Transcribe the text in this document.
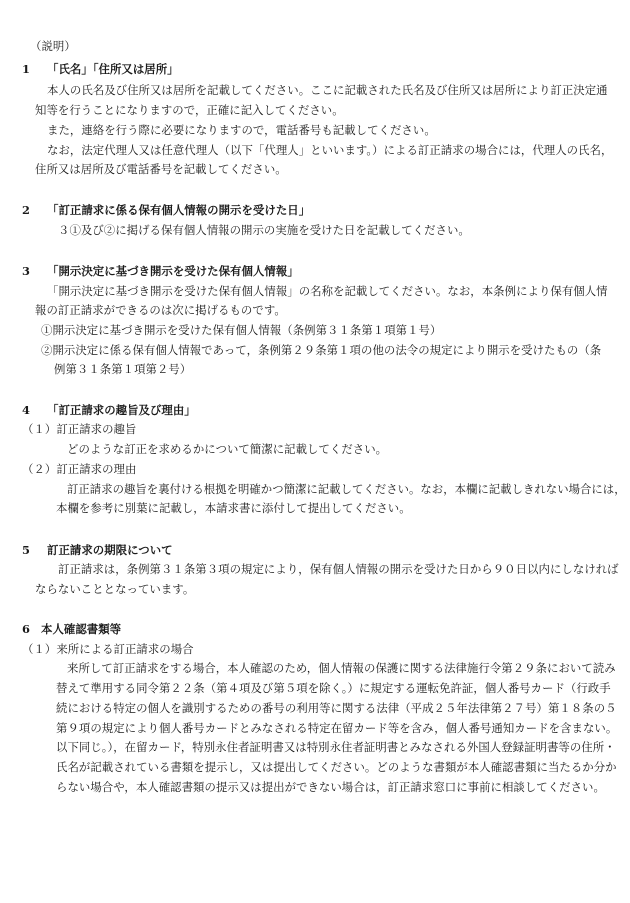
（説明）
1 「氏名」「住所又は居所」
本人の氏名及び住所又は居所を記載してください。ここに記載された氏名及び住所又は居所により訂正決定通
知等を行うことになりますので，正確に記入してください。
また，連絡を行う際に必要になりますので，電話番号も記載してください。
なお，法定代理人又は任意代理人（以下「代理人」といいます。）による訂正請求の場合には，代理人の氏名，
住所又は居所及び電話番号を記載してください。
2 「訂正請求に係る保有個人情報の開示を受けた日」
３①及び②に掲げる保有個人情報の開示の実施を受けた日を記載してください。
3 「開示決定に基づき開示を受けた保有個人情報」
「開示決定に基づき開示を受けた保有個人情報」の名称を記載してください。なお，本条例により保有個人情
報の訂正請求ができるのは次に掲げるものです。
①開示決定に基づき開示を受けた保有個人情報（条例第３１条第１項第１号）
②開示決定に係る保有個人情報であって，条例第２９条第１項の他の法令の規定により開示を受けたもの（条
例第３１条第１項第２号）
4 「訂正請求の趣旨及び理由」
（１）訂正請求の趣旨
どのような訂正を求めるかについて簡潔に記載してください。
（２）訂正請求の理由
訂正請求の趣旨を裏付ける根拠を明確かつ簡潔に記載してください。なお，本欄に記載しきれない場合には，
本欄を参考に別葉に記載し，本請求書に添付して提出してください。
5 訂正請求の期限について
訂正請求は，条例第３１条第３項の規定により，保有個人情報の開示を受けた日から９０日以内にしなければ
ならないこととなっています。
6 本人確認書類等
（１）来所による訂正請求の場合
来所して訂正請求をする場合，本人確認のため，個人情報の保護に関する法律施行令第２９条において読み
替えて準用する同令第２２条（第４項及び第５項を除く。）に規定する運転免許証，個人番号カード（行政手
続における特定の個人を識別するための番号の利用等に関する法律（平成２５年法律第２７号）第１８条の５
第９項の規定により個人番号カードとみなされる特定在留カード等を含み，個人番号通知カードを含まない。
以下同じ。），在留カード，特別永住者証明書又は特別永住者証明書とみなされる外国人登録証明書等の住所・
氏名が記載されている書類を提示し，又は提出してください。どのような書類が本人確認書類に当たるか分か
らない場合や，本人確認書類の提示又は提出ができない場合は，訂正請求窓口に事前に相談してください。
